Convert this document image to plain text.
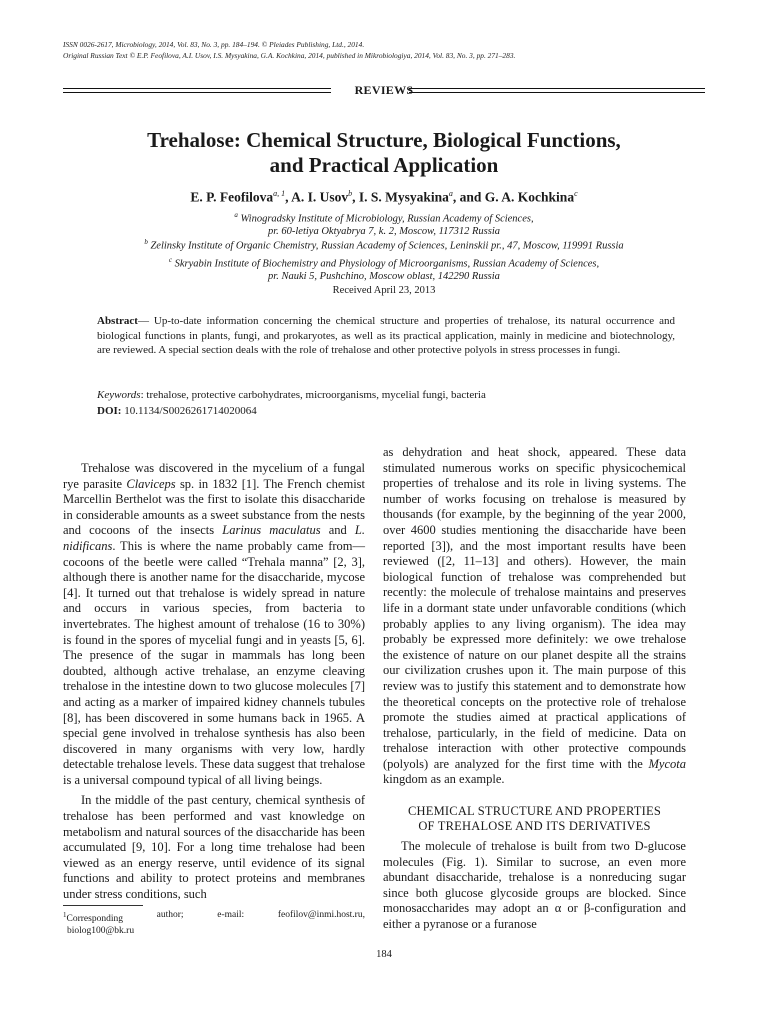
ISSN 0026-2617, Microbiology, 2014, Vol. 83, No. 3, pp. 184–194. © Pleiades Publishing, Ltd., 2014.
Original Russian Text © E.P. Feofilova, A.I. Usov, I.S. Mysyakina, G.A. Kochkina, 2014, published in Mikrobiologiya, 2014, Vol. 83, No. 3, pp. 271–283.
REVIEWS
Trehalose: Chemical Structure, Biological Functions,
and Practical Application
E. P. Feofilova$^{a, 1}$, A. I. Usov$^b$, I. S. Mysyakina$^a$, and G. A. Kochkina$^c$
$^a$ Winogradsky Institute of Microbiology, Russian Academy of Sciences,
pr. 60-letiya Oktyabrya 7, k. 2, Moscow, 117312 Russia
$^b$ Zelinsky Institute of Organic Chemistry, Russian Academy of Sciences, Leninskii pr., 47, Moscow, 119991 Russia
$^c$ Skryabin Institute of Biochemistry and Physiology of Microorganisms, Russian Academy of Sciences,
pr. Nauki 5, Pushchino, Moscow oblast, 142290 Russia
Received April 23, 2013
Abstract— Up-to-date information concerning the chemical structure and properties of trehalose, its natural occurrence and biological functions in plants, fungi, and prokaryotes, as well as its practical application, mainly in medicine and biotechnology, are reviewed. A special section deals with the role of trehalose and other protective polyols in stress processes in fungi.
Keywords: trehalose, protective carbohydrates, microorganisms, mycelial fungi, bacteria
DOI: 10.1134/S0026261714020064

Trehalose was discovered in the mycelium of a fungal rye parasite Claviceps sp. in 1832 [1]. The French chemist Marcellin Berthelot was the first to isolate this disaccharide in considerable amounts as a sweet substance from the nests and cocoons of the insects Larinus maculatus and L. nidificans. This is where the name probably came from—cocoons of the beetle were called “Trehala manna” [2, 3], although there is another name for the disaccharide, mycose [4]. It turned out that trehalose is widely spread in nature and occurs in various species, from bacteria to invertebrates. The highest amount of trehalose (16 to 30%) is found in the spores of mycelial fungi and in yeasts [5, 6]. The presence of the sugar in mammals has long been doubted, although active trehalase, an enzyme cleaving trehalose in the intestine down to two glucose molecules [7] and acting as a marker of impaired kidney channels tubules [8], has been discovered in some humans back in 1965. A special gene involved in trehalose synthesis has also been discovered in many organisms with very low, hardly detectable trehalose levels. These data suggest that trehalose is a universal compound typical of all living beings.

In the middle of the past century, chemical synthesis of trehalose has been performed and vast knowledge on metabolism and natural sources of the disaccharide has been accumulated [9, 10]. For a long time trehalose had been viewed as an energy reserve, until evidence of its signal functions and ability to protect proteins and membranes under stress conditions, such

as dehydration and heat shock, appeared. These data stimulated numerous works on specific physicochemical properties of trehalose and its role in living systems. The number of works focusing on trehalose is measured by thousands (for example, by the beginning of the year 2000, over 4600 studies mentioning the disaccharide have been reported [3]), and the most important results have been reviewed ([2, 11–13] and others). However, the main biological function of trehalose was comprehended but recently: the molecule of trehalose maintains and preserves life in a dormant state under unfavorable conditions (which probably applies to any living organism). The idea may probably be expressed more definitely: we owe trehalose the existence of nature on our planet despite all the strains our civilization crushes upon it. The main purpose of this review was to justify this statement and to demonstrate how the theoretical concepts on the protective role of trehalose promote the studies aimed at practical applications of trehalose, particularly, in the field of medicine. Data on trehalose interaction with other protective compounds (polyols) are analyzed for the first time with the Mycota kingdom as an example.

CHEMICAL STRUCTURE AND PROPERTIES
OF TREHALOSE AND ITS DERIVATIVES

The molecule of trehalose is built from two D-glucose molecules (Fig. 1). Similar to sucrose, an even more abundant disaccharide, trehalose is a nonreducing sugar since both glucose glycoside groups are blocked. Since monosaccharides may adopt an α or β-configuration and either a pyranose or a furanose

$^1$Corresponding	author;	e-mail:	feofilov@inmi.host.ru,
biolog100@bk.ru
184
